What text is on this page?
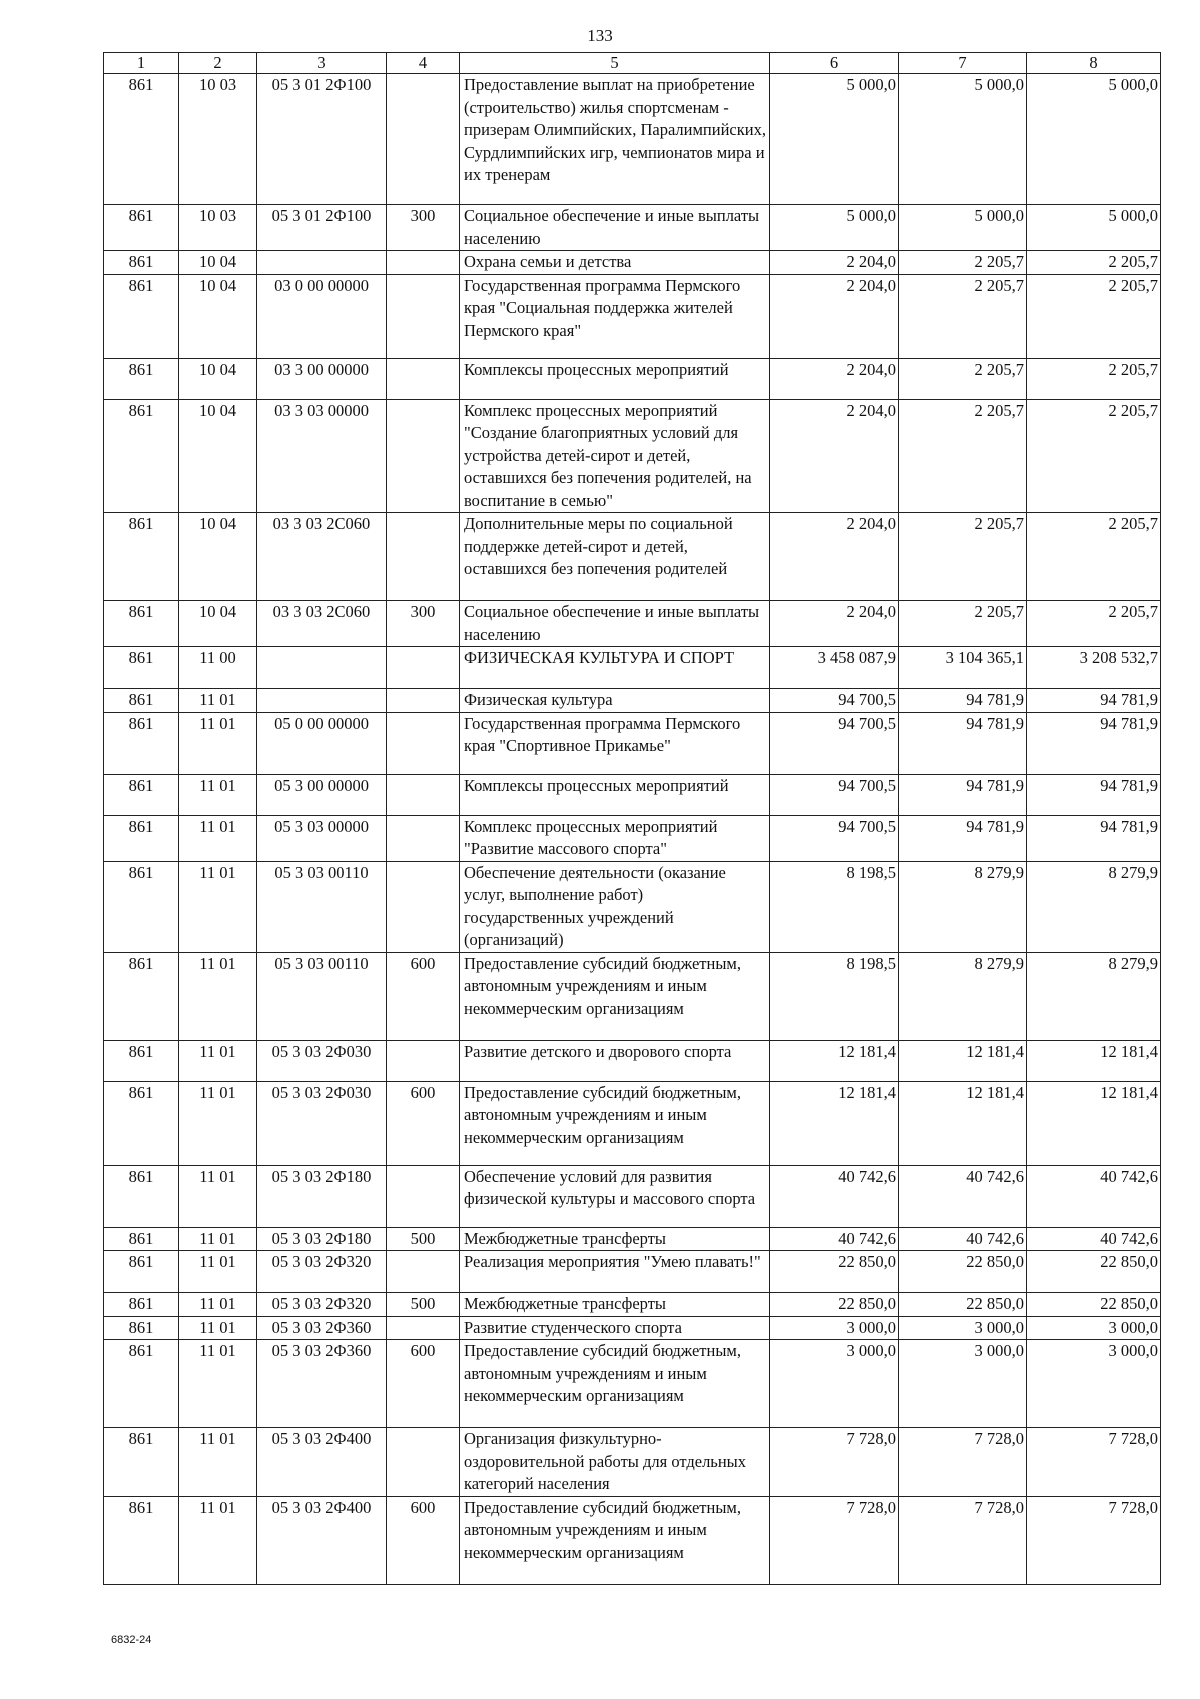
133
1	2	3	4	5	6	7	8
861	10 03	05 3 01 2Ф100		Предоставление выплат на приобретение (строительство) жилья спортсменам - призерам Олимпийских, Паралимпийских, Сурдлимпийских игр, чемпионатов мира и их тренерам	5 000,0	5 000,0	5 000,0
861	10 03	05 3 01 2Ф100	300	Социальное обеспечение и иные выплаты населению	5 000,0	5 000,0	5 000,0
861	10 04			Охрана семьи и детства	2 204,0	2 205,7	2 205,7
861	10 04	03 0 00 00000		Государственная программа Пермского края "Социальная поддержка жителей Пермского края"	2 204,0	2 205,7	2 205,7
861	10 04	03 3 00 00000		Комплексы процессных мероприятий	2 204,0	2 205,7	2 205,7
861	10 04	03 3 03 00000		Комплекс процессных мероприятий "Создание благоприятных условий для устройства детей-сирот и детей, оставшихся без попечения родителей, на воспитание в семью"	2 204,0	2 205,7	2 205,7
861	10 04	03 3 03 2С060		Дополнительные меры по социальной поддержке детей-сирот и детей, оставшихся без попечения родителей	2 204,0	2 205,7	2 205,7
861	10 04	03 3 03 2С060	300	Социальное обеспечение и иные выплаты населению	2 204,0	2 205,7	2 205,7
861	11 00			ФИЗИЧЕСКАЯ КУЛЬТУРА И СПОРТ	3 458 087,9	3 104 365,1	3 208 532,7
861	11 01			Физическая культура	94 700,5	94 781,9	94 781,9
861	11 01	05 0 00 00000		Государственная программа Пермского края "Спортивное Прикамье"	94 700,5	94 781,9	94 781,9
861	11 01	05 3 00 00000		Комплексы процессных мероприятий	94 700,5	94 781,9	94 781,9
861	11 01	05 3 03 00000		Комплекс процессных мероприятий "Развитие массового спорта"	94 700,5	94 781,9	94 781,9
861	11 01	05 3 03 00110		Обеспечение деятельности (оказание услуг, выполнение работ) государственных учреждений (организаций)	8 198,5	8 279,9	8 279,9
861	11 01	05 3 03 00110	600	Предоставление субсидий бюджетным, автономным учреждениям и иным некоммерческим организациям	8 198,5	8 279,9	8 279,9
861	11 01	05 3 03 2Ф030		Развитие детского и дворового спорта	12 181,4	12 181,4	12 181,4
861	11 01	05 3 03 2Ф030	600	Предоставление субсидий бюджетным, автономным учреждениям и иным некоммерческим организациям	12 181,4	12 181,4	12 181,4
861	11 01	05 3 03 2Ф180		Обеспечение условий для развития физической культуры и массового спорта	40 742,6	40 742,6	40 742,6
861	11 01	05 3 03 2Ф180	500	Межбюджетные трансферты	40 742,6	40 742,6	40 742,6
861	11 01	05 3 03 2Ф320		Реализация мероприятия "Умею плавать!"	22 850,0	22 850,0	22 850,0
861	11 01	05 3 03 2Ф320	500	Межбюджетные трансферты	22 850,0	22 850,0	22 850,0
861	11 01	05 3 03 2Ф360		Развитие студенческого спорта	3 000,0	3 000,0	3 000,0
861	11 01	05 3 03 2Ф360	600	Предоставление субсидий бюджетным, автономным учреждениям и иным некоммерческим организациям	3 000,0	3 000,0	3 000,0
861	11 01	05 3 03 2Ф400		Организация физкультурно-оздоровительной работы для отдельных категорий населения	7 728,0	7 728,0	7 728,0
861	11 01	05 3 03 2Ф400	600	Предоставление субсидий бюджетным, автономным учреждениям и иным некоммерческим организациям	7 728,0	7 728,0	7 728,0
6832-24
